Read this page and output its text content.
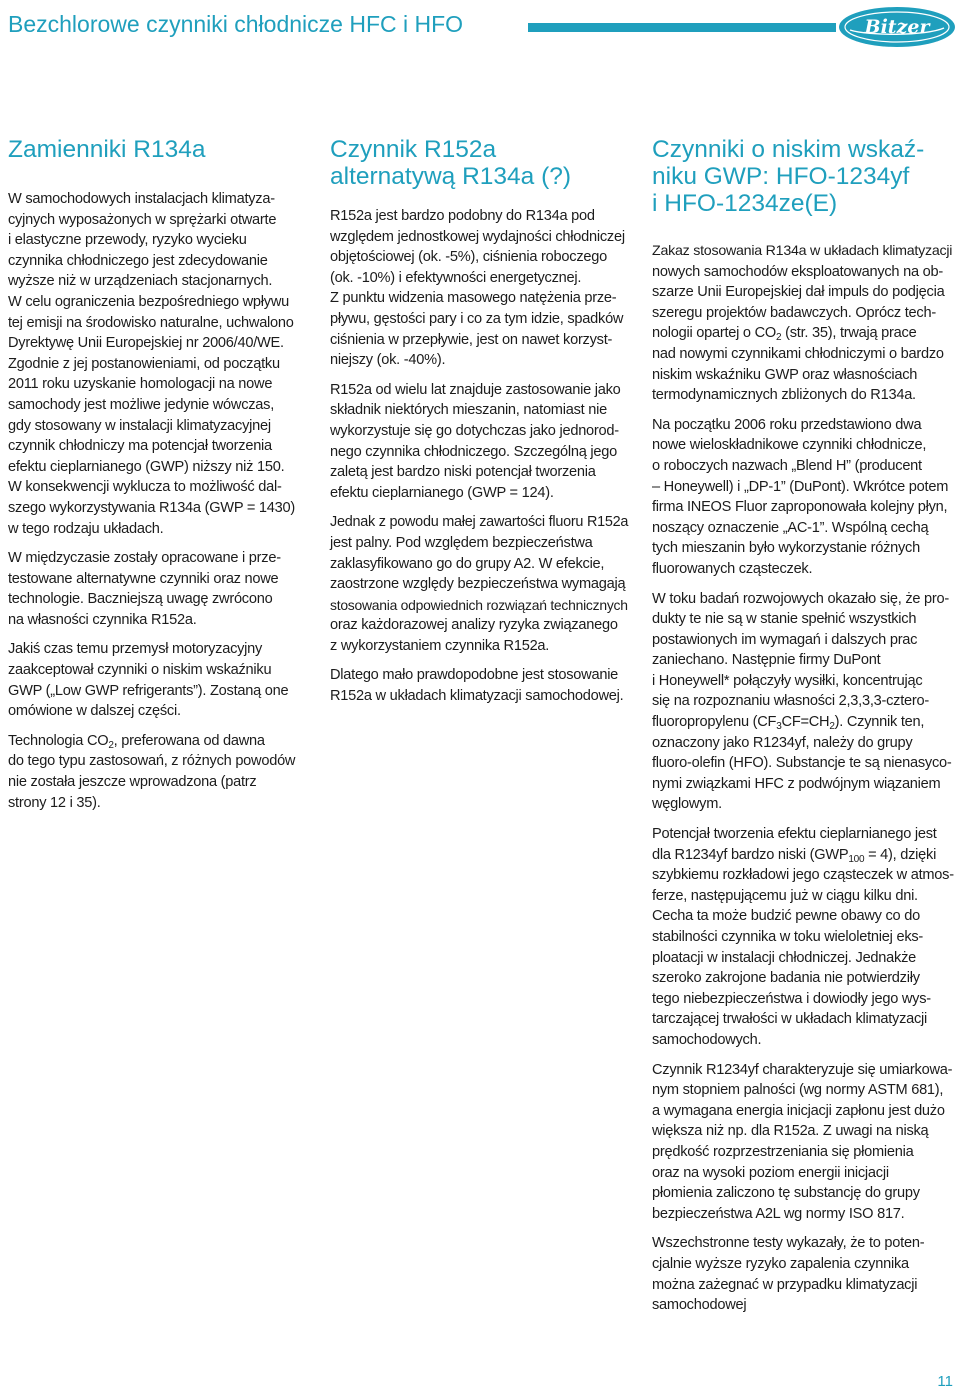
Bezchlorowe czynniki chłodnicze HFC i HFO	Bitzer
Zamienniki R134a

W samochodowych instalacjach klimatyza-
cyjnych wyposażonych w sprężarki otwarte
i elastyczne przewody, ryzyko wycieku
czynnika chłodniczego jest zdecydowanie
wyższe niż w urządzeniach stacjonarnych.
W celu ograniczenia bezpośredniego wpływu
tej emisji na środowisko naturalne, uchwalono
Dyrektywę Unii Europejskiej nr 2006/40/WE.
Zgodnie z jej postanowieniami, od początku
2011 roku uzyskanie homologacji na nowe
samochody jest możliwe jedynie wówczas,
gdy stosowany w instalacji klimatyzacyjnej
czynnik chłodniczy ma potencjał tworzenia
efektu cieplarnianego (GWP) niższy niż 150.
W konsekwencji wyklucza to możliwość dal-
szego wykorzystywania R134a (GWP = 1430)
w tego rodzaju układach.

W międzyczasie zostały opracowane i prze-
testowane alternatywne czynniki oraz nowe
technologie. Baczniejszą uwagę zwrócono
na własności czynnika R152a.

Jakiś czas temu przemysł motoryzacyjny
zaakceptował czynniki o niskim wskaźniku
GWP („Low GWP refrigerants”). Zostaną one
omówione w dalszej części.

Technologia $CO_2$, preferowana od dawna
do tego typu zastosowań, z różnych powodów
nie została jeszcze wprowadzona (patrz
strony 12 i 35).

Czynnik R152a
alternatywą R134a (?)

R152a jest bardzo podobny do R134a pod
względem jednostkowej wydajności chłodniczej
objętościowej (ok. -5%), ciśnienia roboczego
(ok. -10%) i efektywności energetycznej.
Z punktu widzenia masowego natężenia prze-
pływu, gęstości pary i co za tym idzie, spadków
ciśnienia w przepływie, jest on nawet korzyst-
niejszy (ok. -40%).

R152a od wielu lat znajduje zastosowanie jako
składnik niektórych mieszanin, natomiast nie
wykorzystuje się go dotychczas jako jednorod-
nego czynnika chłodniczego. Szczególną jego
zaletą jest bardzo niski potencjał tworzenia
efektu cieplarnianego (GWP = 124).

Jednak z powodu małej zawartości fluoru R152a
jest palny. Pod względem bezpieczeństwa
zaklasyfikowano go do grupy A2. W efekcie,
zaostrzone względy bezpieczeństwa wymagają
stosowania odpowiednich rozwiązań technicznych
oraz każdorazowej analizy ryzyka związanego
z wykorzystaniem czynnika R152a.

Dlatego mało prawdopodobne jest stosowanie
R152a w układach klimatyzacji samochodowej.

Czynniki o niskim wskaź-
niku GWP: HFO-1234yf
i HFO-1234ze(E)

Zakaz stosowania R134a w układach klimatyzacji
nowych samochodów eksploatowanych na ob-
szarze Unii Europejskiej dał impuls do podjęcia
szeregu projektów badawczych. Oprócz tech-
nologii opartej o $CO_2$ (str. 35), trwają prace
nad nowymi czynnikami chłodniczymi o bardzo
niskim wskaźniku GWP oraz własnościach
termodynamicznych zbliżonych do R134a.

Na początku 2006 roku przedstawiono dwa
nowe wieloskładnikowe czynniki chłodnicze,
o roboczych nazwach „Blend H” (producent
– Honeywell) i „DP-1” (DuPont). Wkrótce potem
firma INEOS Fluor zaproponowała kolejny płyn,
noszący oznaczenie „AC-1”. Wspólną cechą
tych mieszanin było wykorzystanie różnych
fluorowanych cząsteczek.

W toku badań rozwojowych okazało się, że pro-
dukty te nie są w stanie spełnić wszystkich
postawionych im wymagań i dalszych prac
zaniechano. Następnie firmy DuPont
i Honeywell* połączyły wysiłki, koncentrując
się na rozpoznaniu własności 2,3,3,3-cztero-
fluoropropylenu $(CF_3CF=CH_2)$. Czynnik ten,
oznaczony jako R1234yf, należy do grupy
fluoro-olefin (HFO). Substancje te są nienasyco-
nymi związkami HFC z podwójnym wiązaniem
węglowym.

Potencjał tworzenia efektu cieplarnianego jest
dla R1234yf bardzo niski $(GWP_{100} = 4)$, dzięki
szybkiemu rozkładowi jego cząsteczek w atmos-
ferze, następującemu już w ciągu kilku dni.
Cecha ta może budzić pewne obawy co do
stabilności czynnika w toku wieloletniej eks-
ploatacji w instalacji chłodniczej. Jednakże
szeroko zakrojone badania nie potwierdziły
tego niebezpieczeństwa i dowiodły jego wys-
tarczającej trwałości w układach klimatyzacji
samochodowych.

Czynnik R1234yf charakteryzuje się umiarkowa-
nym stopniem palności (wg normy ASTM 681),
a wymagana energia inicjacji zapłonu jest dużo
większa niż np. dla R152a. Z uwagi na niską
prędkość rozprzestrzeniania się płomienia
oraz na wysoki poziom energii inicjacji
płomienia zaliczono tę substancję do grupy
bezpieczeństwa A2L wg normy ISO 817.

Wszechstronne testy wykazały, że to poten-
cjalnie wyższe ryzyko zapalenia czynnika
można zażegnać w przypadku klimatyzacji
samochodowej

11
